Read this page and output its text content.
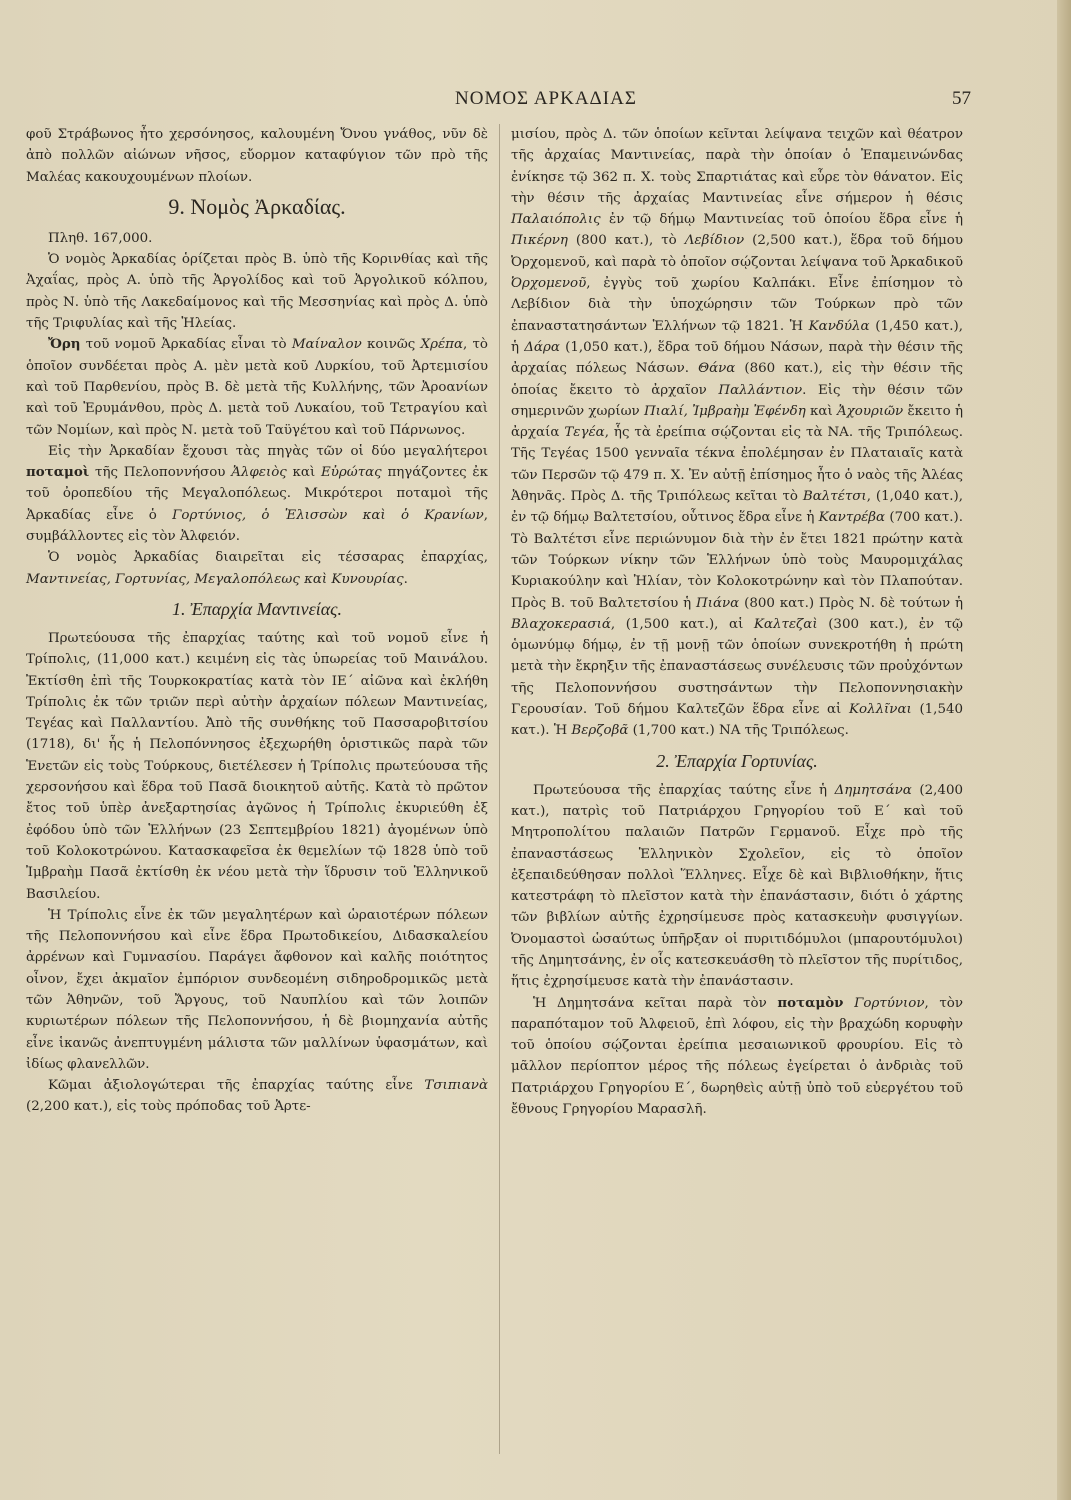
ΝΟΜΟΣ ΑΡΚΑΔΙΑΣ	57

φοῦ Στράβωνος ἦτο χερσόνησος, καλουμένη Ὄνου γνάθος, νῦν δὲ ἀπὸ πολλῶν αἰώνων νῆσος, εὔορμον καταφύγιον τῶν πρὸ τῆς Μαλέας κακουχουμένων πλοίων.

9. Νομὸς Ἀρκαδίας.

Πληθ. 167,000.

Ὁ νομὸς Ἀρκαδίας ὁρίζεται πρὸς Β. ὑπὸ τῆς Κορινθίας καὶ τῆς Ἀχαΐας, πρὸς Α. ὑπὸ τῆς Ἀργολίδος καὶ τοῦ Ἀργολικοῦ κόλπου, πρὸς Ν. ὑπὸ τῆς Λακεδαίμονος καὶ τῆς Μεσσηνίας καὶ πρὸς Δ. ὑπὸ τῆς Τριφυλίας καὶ τῆς Ἠλείας.

Ὄρη τοῦ νομοῦ Ἀρκαδίας εἶναι τὸ Μαίναλον κοινῶς Χρέπα, τὸ ὁποῖον συνδέεται πρὸς Α. μὲν μετὰ κοῦ Λυρκίου, τοῦ Ἀρτεμισίου καὶ τοῦ Παρθενίου, πρὸς Β. δὲ μετὰ τῆς Κυλλήνης, τῶν Ἀροανίων καὶ τοῦ Ἐρυμάνθου, πρὸς Δ. μετὰ τοῦ Λυκαίου, τοῦ Τετραγίου καὶ τῶν Νομίων, καὶ πρὸς Ν. μετὰ τοῦ Ταϋγέτου καὶ τοῦ Πάρνωνος.

Εἰς τὴν Ἀρκαδίαν ἔχουσι τὰς πηγὰς τῶν οἱ δύο μεγαλήτεροι ποταμοὶ τῆς Πελοποννήσου Ἀλφειὸς καὶ Εὐρώτας πηγάζοντες ἐκ τοῦ ὀροπεδίου τῆς Μεγαλοπόλεως. Μικρότεροι ποταμοὶ τῆς Ἀρκαδίας εἶνε ὁ Γορτύνιος, ὁ Ἐλισσὼν καὶ ὁ Κρανίων, συμβάλλοντες εἰς τὸν Ἀλφειόν.

Ὁ νομὸς Ἀρκαδίας διαιρεῖται εἰς τέσσαρας ἐπαρχίας, Μαντινείας, Γορτυνίας, Μεγαλοπόλεως καὶ Κυνουρίας.

1. Ἐπαρχία Μαντινείας.

Πρωτεύουσα τῆς ἐπαρχίας ταύτης καὶ τοῦ νομοῦ εἶνε ἡ Τρίπολις, (11,000 κατ.) κειμένη εἰς τὰς ὑπωρείας τοῦ Μαινάλου. Ἐκτίσθη ἐπὶ τῆς Τουρκοκρατίας κατὰ τὸν ΙΕ΄ αἰῶνα καὶ ἐκλήθη Τρίπολις ἐκ τῶν τριῶν περὶ αὐτὴν ἀρχαίων πόλεων Μαντινείας, Τεγέας καὶ Παλλαντίου. Ἀπὸ τῆς συνθήκης τοῦ Πασσαροβιτσίου (1718), δι' ἧς ἡ Πελοπόννησος ἐξεχωρήθη ὁριστικῶς παρὰ τῶν Ἑνετῶν εἰς τοὺς Τούρκους, διετέλεσεν ἡ Τρίπολις πρωτεύουσα τῆς χερσονήσου καὶ ἕδρα τοῦ Πασᾶ διοικητοῦ αὐτῆς. Κατὰ τὸ πρῶτον ἔτος τοῦ ὑπὲρ ἀνεξαρτησίας ἀγῶνος ἡ Τρίπολις ἐκυριεύθη ἐξ ἐφόδου ὑπὸ τῶν Ἑλλήνων (23 Σεπτεμβρίου 1821) ἀγομένων ὑπὸ τοῦ Κολοκοτρώνου. Κατασκαφεῖσα ἐκ θεμελίων τῷ 1828 ὑπὸ τοῦ Ἰμβραὴμ Πασᾶ ἐκτίσθη ἐκ νέου μετὰ τὴν ἵδρυσιν τοῦ Ἑλληνικοῦ Βασιλείου.

Ἡ Τρίπολις εἶνε ἐκ τῶν μεγαλητέρων καὶ ὡραιοτέρων πόλεων τῆς Πελοποννήσου καὶ εἶνε ἕδρα Πρωτοδικείου, Διδασκαλείου ἀρρένων καὶ Γυμνασίου. Παράγει ἄφθονον καὶ καλῆς ποιότητος οἶνον, ἔχει ἀκμαῖον ἐμπόριον συνδεομένη σιδηροδρομικῶς μετὰ τῶν Ἀθηνῶν, τοῦ Ἄργους, τοῦ Ναυπλίου καὶ τῶν λοιπῶν κυριωτέρων πόλεων τῆς Πελοποννήσου, ἡ δὲ βιομηχανία αὐτῆς εἶνε ἱκανῶς ἀνεπτυγμένη μάλιστα τῶν μαλλίνων ὑφασμάτων, καὶ ἰδίως φλανελλῶν.

Κῶμαι ἀξιολογώτεραι τῆς ἐπαρχίας ταύτης εἶνε Τσιπιανὰ (2,200 κατ.), εἰς τοὺς πρόποδας τοῦ Ἀρτε-

μισίου, πρὸς Δ. τῶν ὁποίων κεῖνται λείψανα τειχῶν καὶ θέατρον τῆς ἀρχαίας Μαντινείας, παρὰ τὴν ὁποίαν ὁ Ἐπαμεινώνδας ἐνίκησε τῷ 362 π. Χ. τοὺς Σπαρτιάτας καὶ εὗρε τὸν θάνατον. Εἰς τὴν θέσιν τῆς ἀρχαίας Μαντινείας εἶνε σήμερον ἡ θέσις Παλαιόπολις ἐν τῷ δήμῳ Μαντινείας τοῦ ὁποίου ἕδρα εἶνε ἡ Πικέρνη (800 κατ.), τὸ Λεβίδιον (2,500 κατ.), ἕδρα τοῦ δήμου Ὀρχομενοῦ, καὶ παρὰ τὸ ὁποῖον σῴζονται λείψανα τοῦ Ἀρκαδικοῦ Ὀρχομενοῦ, ἐγγὺς τοῦ χωρίου Καλπάκι. Εἶνε ἐπίσημον τὸ Λεβίδιον διὰ τὴν ὑποχώρησιν τῶν Τούρκων πρὸ τῶν ἐπαναστατησάντων Ἑλλήνων τῷ 1821. Ἡ Κανδύλα (1,450 κατ.), ἡ Δάρα (1,050 κατ.), ἕδρα τοῦ δήμου Νάσων, παρὰ τὴν θέσιν τῆς ἀρχαίας πόλεως Νάσων. Θάνα (860 κατ.), εἰς τὴν θέσιν τῆς ὁποίας ἔκειτο τὸ ἀρχαῖον Παλλάντιον. Εἰς τὴν θέσιν τῶν σημερινῶν χωρίων Πιαλί, Ἰμβραὴμ Ἐφένδη καὶ Ἀχουριῶν ἔκειτο ἡ ἀρχαία Τεγέα, ἧς τὰ ἐρείπια σῴζονται εἰς τὰ ΝΑ. τῆς Τριπόλεως. Τῆς Τεγέας 1500 γενναῖα τέκνα ἐπολέμησαν ἐν Πλαταιαῖς κατὰ τῶν Περσῶν τῷ 479 π. Χ. Ἐν αὐτῇ ἐπίσημος ἦτο ὁ ναὸς τῆς Ἀλέας Ἀθηνᾶς. Πρὸς Δ. τῆς Τριπόλεως κεῖται τὸ Βαλτέτσι, (1,040 κατ.), ἐν τῷ δήμῳ Βαλτετσίου, οὗτινος ἕδρα εἶνε ἡ Καντρέβα (700 κατ.). Τὸ Βαλτέτσι εἶνε περιώνυμον διὰ τὴν ἐν ἔτει 1821 πρώτην κατὰ τῶν Τούρκων νίκην τῶν Ἑλλήνων ὑπὸ τοὺς Μαυρομιχάλας Κυριακούλην καὶ Ἠλίαν, τὸν Κολοκοτρώνην καὶ τὸν Πλαπούταν. Πρὸς Β. τοῦ Βαλτετσίου ἡ Πιάνα (800 κατ.) Πρὸς Ν. δὲ τούτων ἡ Βλαχοκερασιά, (1,500 κατ.), αἱ Καλτεζαὶ (300 κατ.), ἐν τῷ ὁμωνύμῳ δήμῳ, ἐν τῇ μονῇ τῶν ὁποίων συνεκροτήθη ἡ πρώτη μετὰ τὴν ἔκρηξιν τῆς ἐπαναστάσεως συνέλευσις τῶν προὐχόντων τῆς Πελοποννήσου συστησάντων τὴν Πελοποννησιακὴν Γερουσίαν. Τοῦ δήμου Καλτεζῶν ἕδρα εἶνε αἱ Κολλῖναι (1,540 κατ.). Ἡ Βερζοβᾶ (1,700 κατ.) ΝΑ τῆς Τριπόλεως.

2. Ἐπαρχία Γορτυνίας.

Πρωτεύουσα τῆς ἐπαρχίας ταύτης εἶνε ἡ Δημητσάνα (2,400 κατ.), πατρὶς τοῦ Πατριάρχου Γρηγορίου τοῦ Ε΄ καὶ τοῦ Μητροπολίτου παλαιῶν Πατρῶν Γερμανοῦ. Εἶχε πρὸ τῆς ἐπαναστάσεως Ἑλληνικὸν Σχολεῖον, εἰς τὸ ὁποῖον ἐξεπαιδεύθησαν πολλοὶ Ἕλληνες. Εἶχε δὲ καὶ Βιβλιοθήκην, ἥτις κατεστράφη τὸ πλεῖστον κατὰ τὴν ἐπανάστασιν, διότι ὁ χάρτης τῶν βιβλίων αὐτῆς ἐχρησίμευσε πρὸς κατασκευὴν φυσιγγίων. Ὀνομαστοὶ ὡσαύτως ὑπῆρξαν οἱ πυριτιδόμυλοι (μπαρουτόμυλοι) τῆς Δημητσάνης, ἐν οἷς κατεσκευάσθη τὸ πλεῖστον τῆς πυρίτιδος, ἥτις ἐχρησίμευσε κατὰ τὴν ἐπανάστασιν.

Ἡ Δημητσάνα κεῖται παρὰ τὸν ποταμὸν Γορτύνιον, τὸν παραπόταμον τοῦ Ἀλφειοῦ, ἐπὶ λόφου, εἰς τὴν βραχώδη κορυφὴν τοῦ ὁποίου σῴζονται ἐρείπια μεσαιωνικοῦ φρουρίου. Εἰς τὸ μᾶλλον περίοπτον μέρος τῆς πόλεως ἐγείρεται ὁ ἀνδριὰς τοῦ Πατριάρχου Γρηγορίου Ε΄, δωρηθεὶς αὐτῇ ὑπὸ τοῦ εὐεργέτου τοῦ ἔθνους Γρηγορίου Μαρασλῆ.
